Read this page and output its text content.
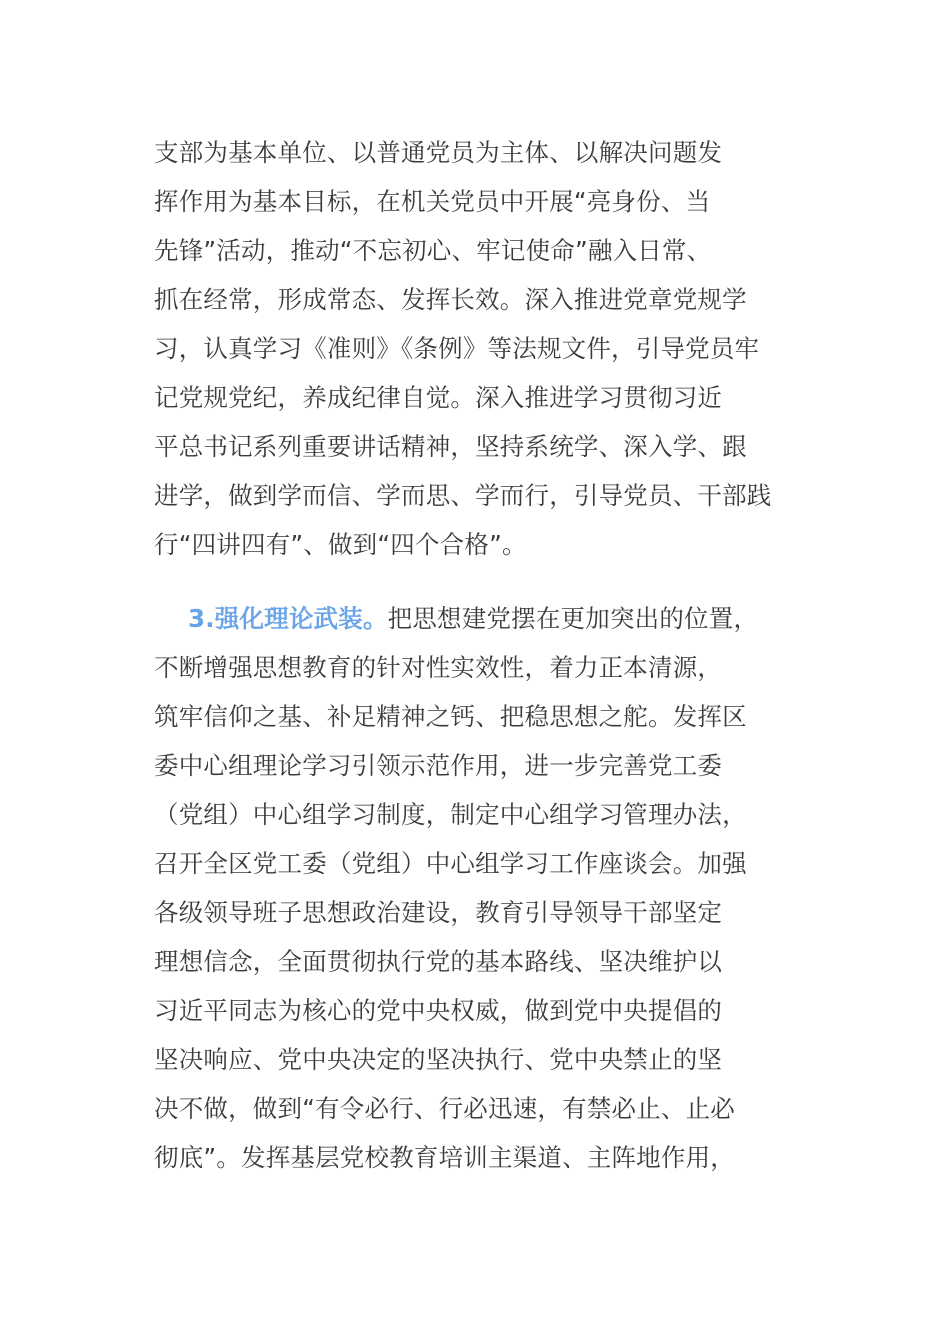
支部为基本单位、以普通党员为主体、以解决问题发
挥作用为基本目标，在机关党员中开展“亮身份、当
先锋”活动，推动“不忘初心、牢记使命”融入日常、
抓在经常，形成常态、发挥长效。深入推进党章党规学
习，认真学习《准则》《条例》等法规文件，引导党员牢
记党规党纪，养成纪律自觉。深入推进学习贯彻习近
平总书记系列重要讲话精神，坚持系统学、深入学、跟
进学，做到学而信、学而思、学而行，引导党员、干部践
行“四讲四有”、做到“四个合格”。
3.强化理论武装。把思想建党摆在更加突出的位置，
不断增强思想教育的针对性实效性，着力正本清源，
筑牢信仰之基、补足精神之钙、把稳思想之舵。发挥区
委中心组理论学习引领示范作用，进一步完善党工委
（党组）中心组学习制度，制定中心组学习管理办法，
召开全区党工委（党组）中心组学习工作座谈会。加强
各级领导班子思想政治建设，教育引导领导干部坚定
理想信念，全面贯彻执行党的基本路线、坚决维护以
习近平同志为核心的党中央权威，做到党中央提倡的
坚决响应、党中央决定的坚决执行、党中央禁止的坚
决不做，做到“有令必行、行必迅速，有禁必止、止必
彻底”。发挥基层党校教育培训主渠道、主阵地作用，
